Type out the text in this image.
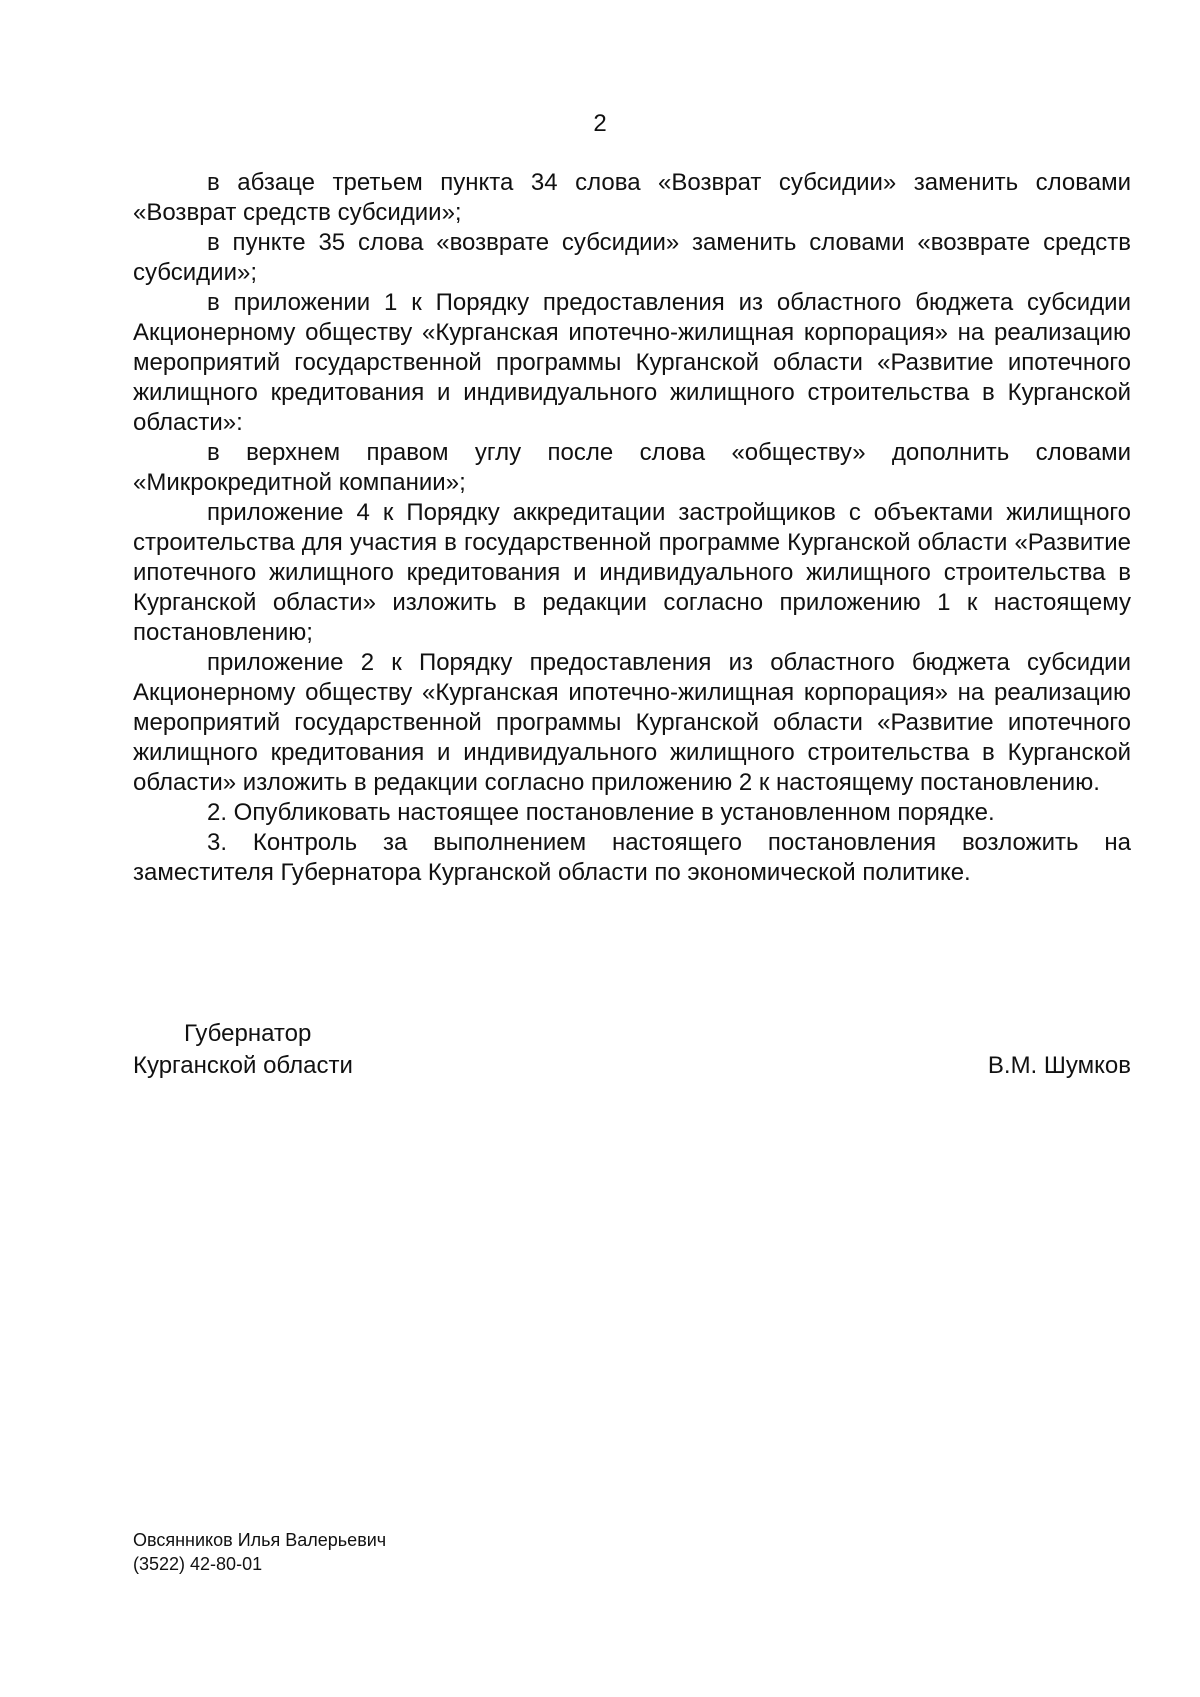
2

в абзаце третьем пункта 34 слова «Возврат субсидии» заменить словами «Возврат средств субсидии»;

в пункте 35 слова «возврате субсидии» заменить словами «возврате средств субсидии»;

в приложении 1 к Порядку предоставления из областного бюджета субсидии Акционерному обществу «Курганская ипотечно-жилищная корпорация» на реализацию мероприятий государственной программы Курганской области «Развитие ипотечного жилищного кредитования и индивидуального жилищного строительства в Курганской области»:

в верхнем правом углу после слова «обществу» дополнить словами «Микрокредитной компании»;

приложение 4 к Порядку аккредитации застройщиков с объектами жилищного строительства для участия в государственной программе Курганской области «Развитие ипотечного жилищного кредитования и индивидуального жилищного строительства в Курганской области» изложить в редакции согласно приложению 1 к настоящему постановлению;

приложение 2 к Порядку предоставления из областного бюджета субсидии Акционерному обществу «Курганская ипотечно-жилищная корпорация» на реализацию мероприятий государственной программы Курганской области «Развитие ипотечного жилищного кредитования и индивидуального жилищного строительства в Курганской области» изложить в редакции согласно приложению 2 к настоящему постановлению.

2. Опубликовать настоящее постановление в установленном порядке.

3. Контроль за выполнением настоящего постановления возложить на заместителя Губернатора Курганской области по экономической политике.

Губернатор
Курганской области	В.М. Шумков
Овсянников Илья Валерьевич
(3522) 42-80-01
